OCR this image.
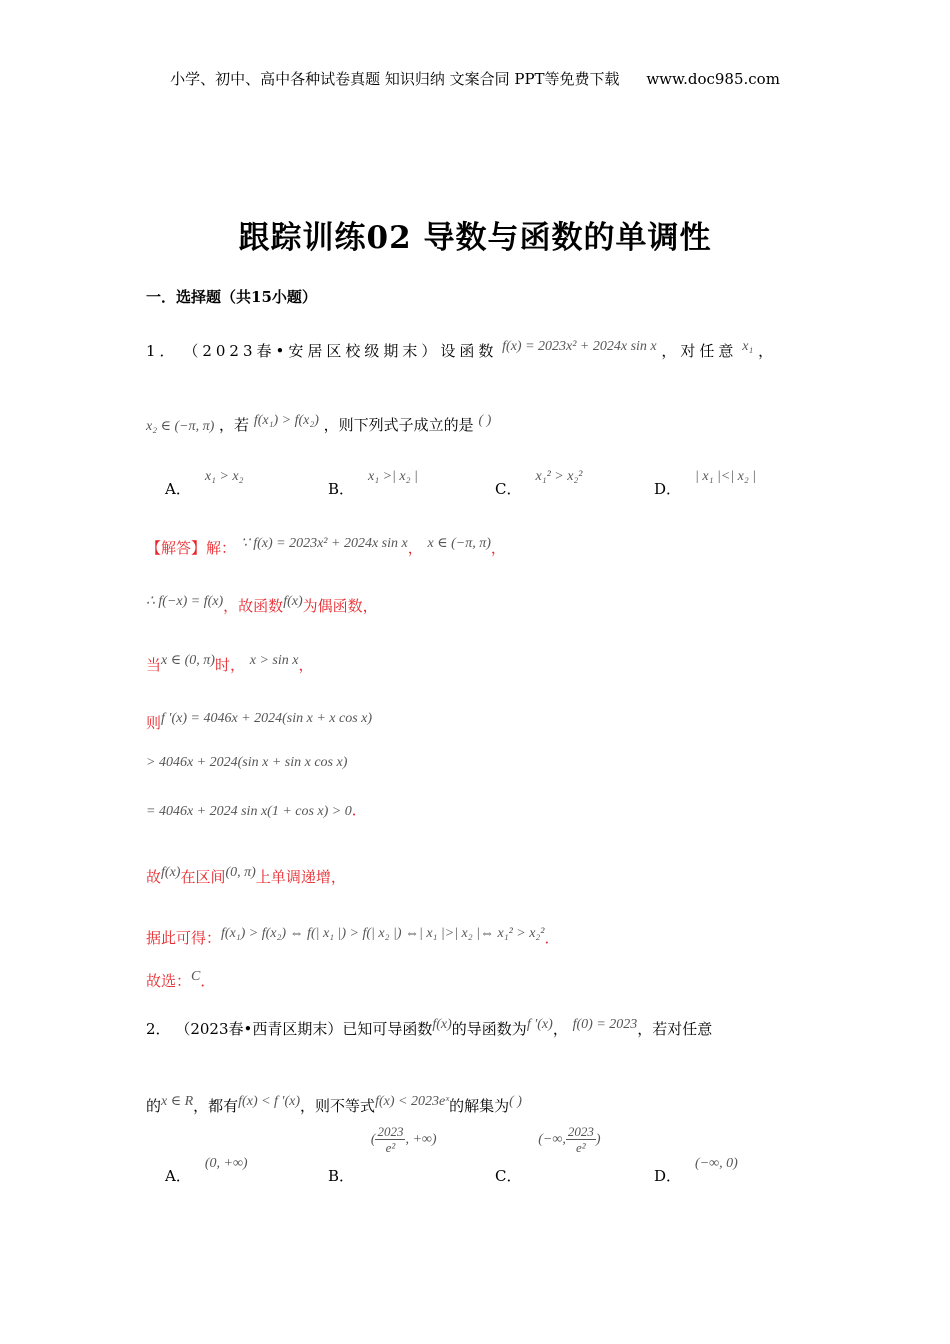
小学、初中、高中各种试卷真题 知识归纳 文案合同 PPT等免费下载 www.doc985.com
跟踪训练02 导数与函数的单调性
一．选择题（共15小题）
1． （2023春•安居区校级期末）设函数 f(x) = 2023x² + 2024x sin x ，对任意 x₁ ，
x₂ ∈ (−π, π) ，若 f(x₁) > f(x₂) ，则下列式子成立的是 ( )
A．x₁ > x₂
B．x₁ >| x₂ |
C．x₁² > x₂²
D．| x₁ |<| x₂ |
【解答】解： ∵ f(x) = 2023x² + 2024x sin x， x ∈ (−π, π)，
∴ f(−x) = f(x)，故函数f(x)为偶函数，
当x ∈ (0, π)时， x > sin x，
则f ′(x) = 4046x + 2024(sin x + x cos x)
> 4046x + 2024(sin x + sin x cos x)
= 4046x + 2024 sin x(1 + cos x) > 0．
故f(x)在区间(0, π)上单调递增，
据此可得：f(x₁) > f(x₂) ⇔ f(| x₁ |) > f(| x₂ |) ⇔| x₁ |>| x₂ |⇔ x₁² > x₂²．
故选：C．
2． （2023春•西青区期末）已知可导函数f(x)的导函数为f ′(x)， f(0) = 2023，若对任意
的x ∈ R，都有f(x) < f ′(x)，则不等式f(x) < 2023eˣ的解集为( )
A．(0, +∞)
B． ( $\frac{2023}{\text{e²}}$ , +∞)
C． (−∞, $\frac{2023}{\text{e²}}$ )
D．(−∞, 0)
